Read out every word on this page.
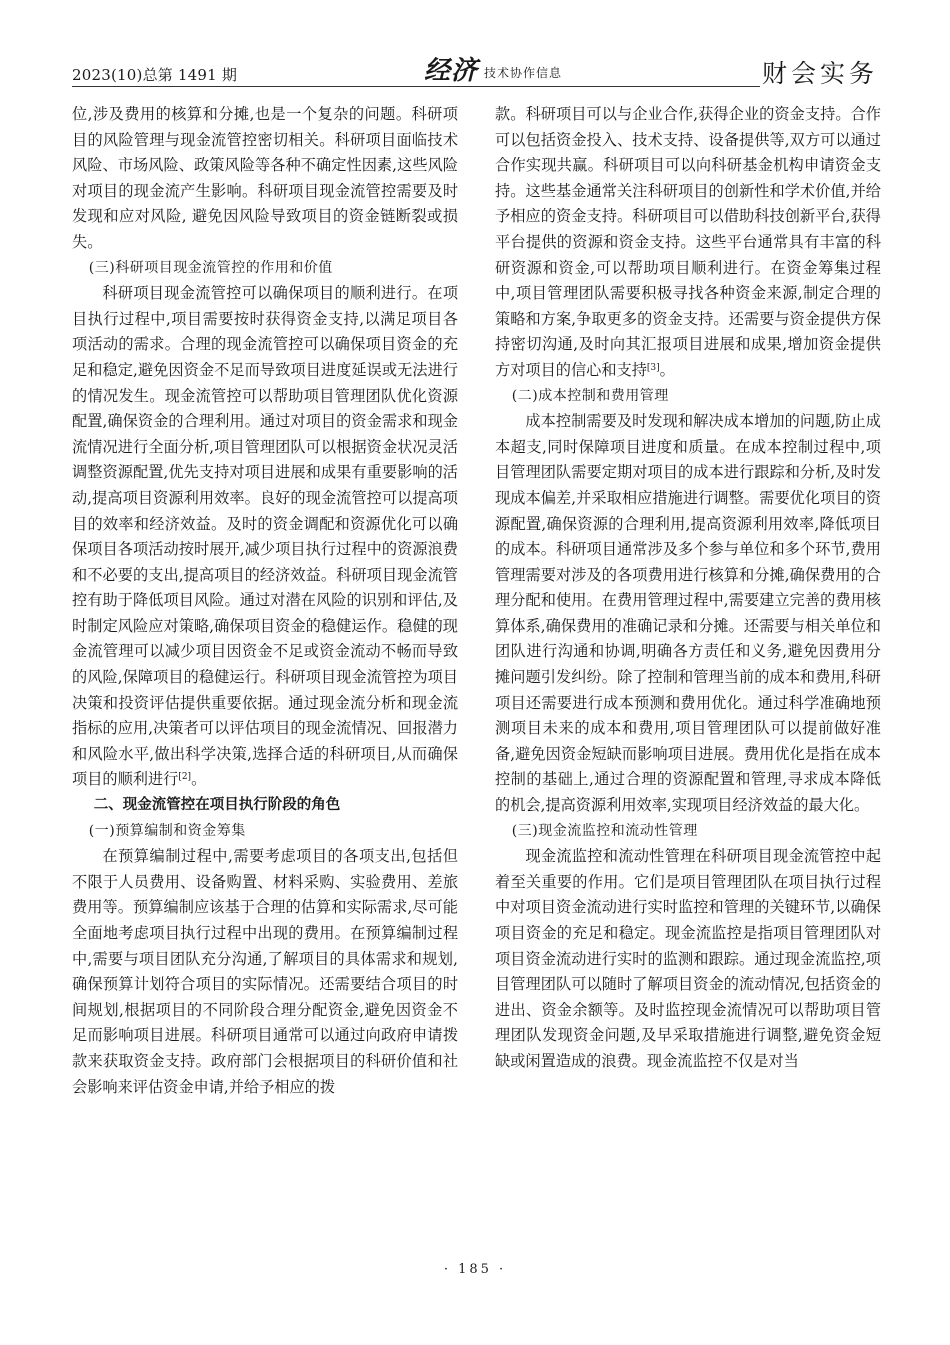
2023(10)总第 1491 期	经济 技术协作信息	财会实务

位,涉及费用的核算和分摊,也是一个复杂的问题。科研项目的风险管理与现金流管控密切相关。科研项目面临技术风险、市场风险、政策风险等各种不确定性因素,这些风险对项目的现金流产生影响。科研项目现金流管控需要及时发现和应对风险, 避免因风险导致项目的资金链断裂或损失。

(三)科研项目现金流管控的作用和价值

科研项目现金流管控可以确保项目的顺利进行。在项目执行过程中,项目需要按时获得资金支持,以满足项目各项活动的需求。合理的现金流管控可以确保项目资金的充足和稳定,避免因资金不足而导致项目进度延误或无法进行的情况发生。现金流管控可以帮助项目管理团队优化资源配置,确保资金的合理利用。通过对项目的资金需求和现金流情况进行全面分析,项目管理团队可以根据资金状况灵活调整资源配置,优先支持对项目进展和成果有重要影响的活动,提高项目资源利用效率。良好的现金流管控可以提高项目的效率和经济效益。及时的资金调配和资源优化可以确保项目各项活动按时展开,减少项目执行过程中的资源浪费和不必要的支出,提高项目的经济效益。科研项目现金流管控有助于降低项目风险。通过对潜在风险的识别和评估,及时制定风险应对策略,确保项目资金的稳健运作。稳健的现金流管理可以减少项目因资金不足或资金流动不畅而导致的风险,保障项目的稳健运行。科研项目现金流管控为项目决策和投资评估提供重要依据。通过现金流分析和现金流指标的应用,决策者可以评估项目的现金流情况、回报潜力和风险水平,做出科学决策,选择合适的科研项目,从而确保项目的顺利进行[2]。

二、现金流管控在项目执行阶段的角色
(一)预算编制和资金筹集

在预算编制过程中,需要考虑项目的各项支出,包括但不限于人员费用、设备购置、材料采购、实验费用、差旅费用等。预算编制应该基于合理的估算和实际需求,尽可能全面地考虑项目执行过程中出现的费用。在预算编制过程中,需要与项目团队充分沟通,了解项目的具体需求和规划,确保预算计划符合项目的实际情况。还需要结合项目的时间规划,根据项目的不同阶段合理分配资金,避免因资金不足而影响项目进展。科研项目通常可以通过向政府申请拨款来获取资金支持。政府部门会根据项目的科研价值和社会影响来评估资金申请,并给予相应的拨

款。科研项目可以与企业合作,获得企业的资金支持。合作可以包括资金投入、技术支持、设备提供等,双方可以通过合作实现共赢。科研项目可以向科研基金机构申请资金支持。这些基金通常关注科研项目的创新性和学术价值,并给予相应的资金支持。科研项目可以借助科技创新平台,获得平台提供的资源和资金支持。这些平台通常具有丰富的科研资源和资金,可以帮助项目顺利进行。在资金筹集过程中,项目管理团队需要积极寻找各种资金来源,制定合理的策略和方案,争取更多的资金支持。还需要与资金提供方保持密切沟通,及时向其汇报项目进展和成果,增加资金提供方对项目的信心和支持[3]。

(二)成本控制和费用管理

成本控制需要及时发现和解决成本增加的问题,防止成本超支,同时保障项目进度和质量。在成本控制过程中,项目管理团队需要定期对项目的成本进行跟踪和分析,及时发现成本偏差,并采取相应措施进行调整。需要优化项目的资源配置,确保资源的合理利用,提高资源利用效率,降低项目的成本。科研项目通常涉及多个参与单位和多个环节,费用管理需要对涉及的各项费用进行核算和分摊,确保费用的合理分配和使用。在费用管理过程中,需要建立完善的费用核算体系,确保费用的准确记录和分摊。还需要与相关单位和团队进行沟通和协调,明确各方责任和义务,避免因费用分摊问题引发纠纷。除了控制和管理当前的成本和费用,科研项目还需要进行成本预测和费用优化。通过科学准确地预测项目未来的成本和费用,项目管理团队可以提前做好准备,避免因资金短缺而影响项目进展。费用优化是指在成本控制的基础上,通过合理的资源配置和管理,寻求成本降低的机会,提高资源利用效率,实现项目经济效益的最大化。

(三)现金流监控和流动性管理

现金流监控和流动性管理在科研项目现金流管控中起着至关重要的作用。它们是项目管理团队在项目执行过程中对项目资金流动进行实时监控和管理的关键环节,以确保项目资金的充足和稳定。现金流监控是指项目管理团队对项目资金流动进行实时的监测和跟踪。通过现金流监控,项目管理团队可以随时了解项目资金的流动情况,包括资金的进出、资金余额等。及时监控现金流情况可以帮助项目管理团队发现资金问题,及早采取措施进行调整,避免资金短缺或闲置造成的浪费。现金流监控不仅是对当

· 185 ·
